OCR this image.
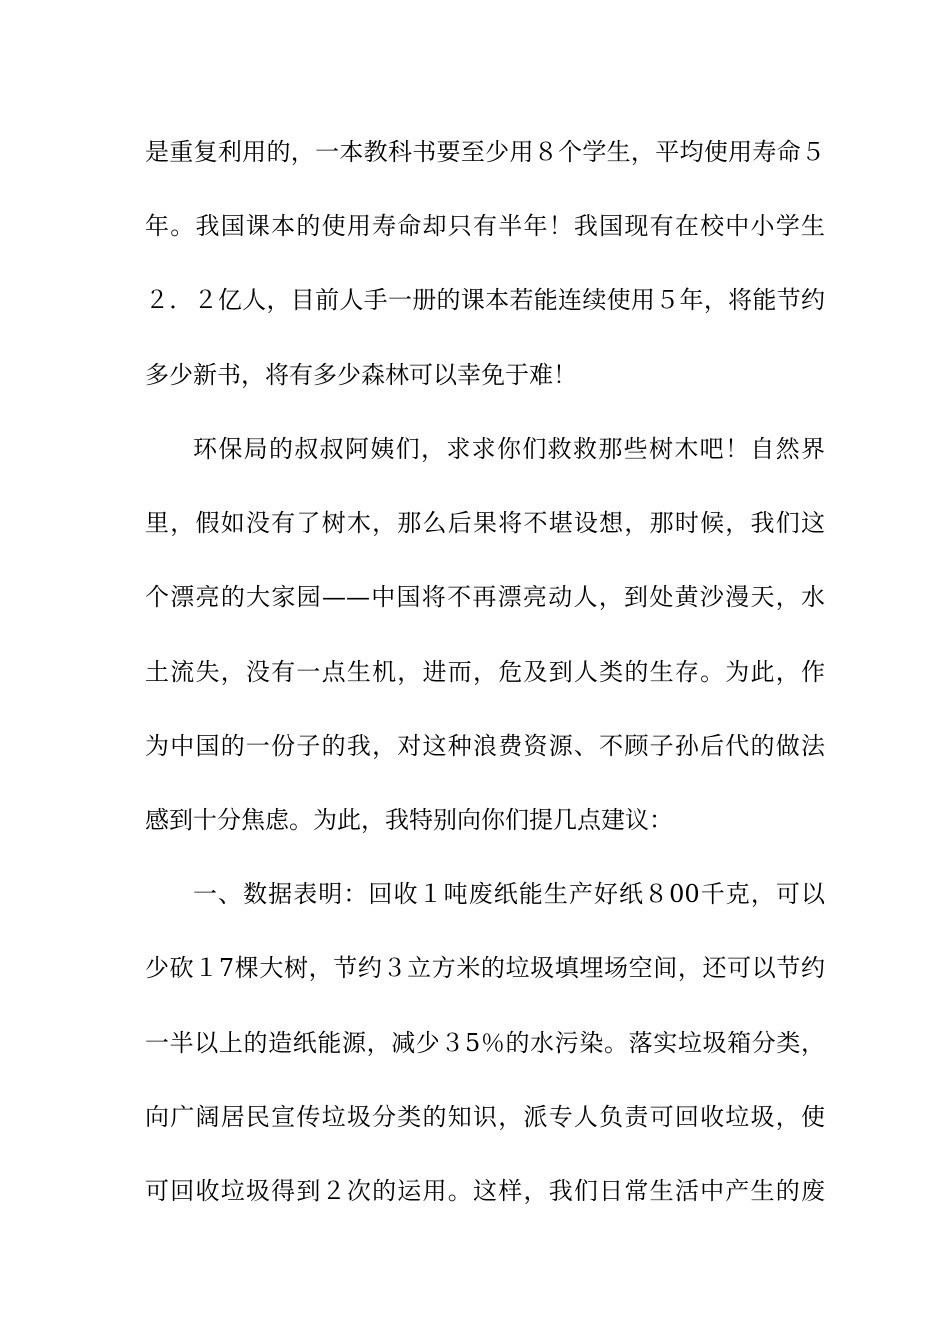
是重复利用的，一本教科书要至少用８个学生，平均使用寿命５
年。我国课本的使用寿命却只有半年！我国现有在校中小学生
２．２亿人，目前人手一册的课本若能连续使用５年，将能节约
多少新书，将有多少森林可以幸免于难！
环保局的叔叔阿姨们，求求你们救救那些树木吧！自然界
里，假如没有了树木，那么后果将不堪设想，那时候，我们这
个漂亮的大家园——中国将不再漂亮动人，到处黄沙漫天，水
土流失，没有一点生机，进而，危及到人类的生存。为此，作
为中国的一份子的我，对这种浪费资源、不顾子孙后代的做法
感到十分焦虑。为此，我特别向你们提几点建议：
一、数据表明：回收１吨废纸能生产好纸８00千克，可以
少砍１7棵大树，节约３立方米的垃圾填埋场空间，还可以节约
一半以上的造纸能源，减少３5％的水污染。落实垃圾箱分类，
向广阔居民宣传垃圾分类的知识，派专人负责可回收垃圾，使
可回收垃圾得到２次的运用。这样，我们日常生活中产生的废
